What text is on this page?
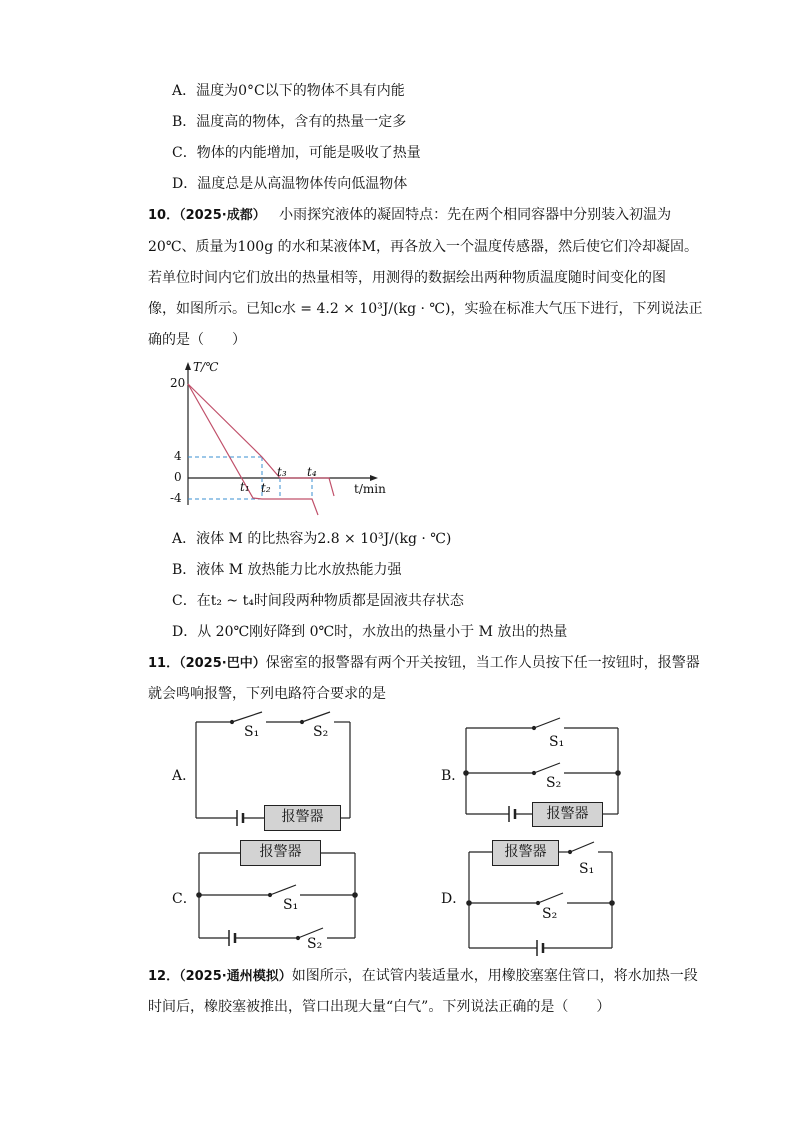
A．温度为0°C以下的物体不具有内能
B．温度高的物体，含有的热量一定多
C．物体的内能增加，可能是吸收了热量
D．温度总是从高温物体传向低温物体
10．（2025·成都） 小雨探究液体的凝固特点：先在两个相同容器中分别装入初温为
20℃、质量为100g 的水和某液体M，再各放入一个温度传感器，然后使它们冷却凝固。
若单位时间内它们放出的热量相等，用测得的数据绘出两种物质温度随时间变化的图
像，如图所示。已知c水 = 4.2 × 10³J/(kg · ℃)，实验在标准大气压下进行，下列说法正
确的是（　　）
T/℃
t/min
20
4
0
-4
t₁ t₂
t₃ t₄
A．液体 M 的比热容为2.8 × 10³J/(kg · ℃)
B．液体 M 放热能力比水放热能力强
C．在t₂ ~ t₄时间段两种物质都是固液共存状态
D．从 20℃刚好降到 0℃时，水放出的热量小于 M 放出的热量
11．（2025·巴中）保密室的报警器有两个开关按钮，当工作人员按下任一按钮时，报警器
就会鸣响报警，下列电路符合要求的是
A．	B．
C．	D．
S₁	S₂
报警器
S₁
S₂
报警器
报警器
S₁
S₂
报警器
S₁
S₂
12．（2025·通州模拟）如图所示，在试管内装适量水，用橡胶塞塞住管口，将水加热一段
时间后，橡胶塞被推出，管口出现大量“白气”。下列说法正确的是（　　）
